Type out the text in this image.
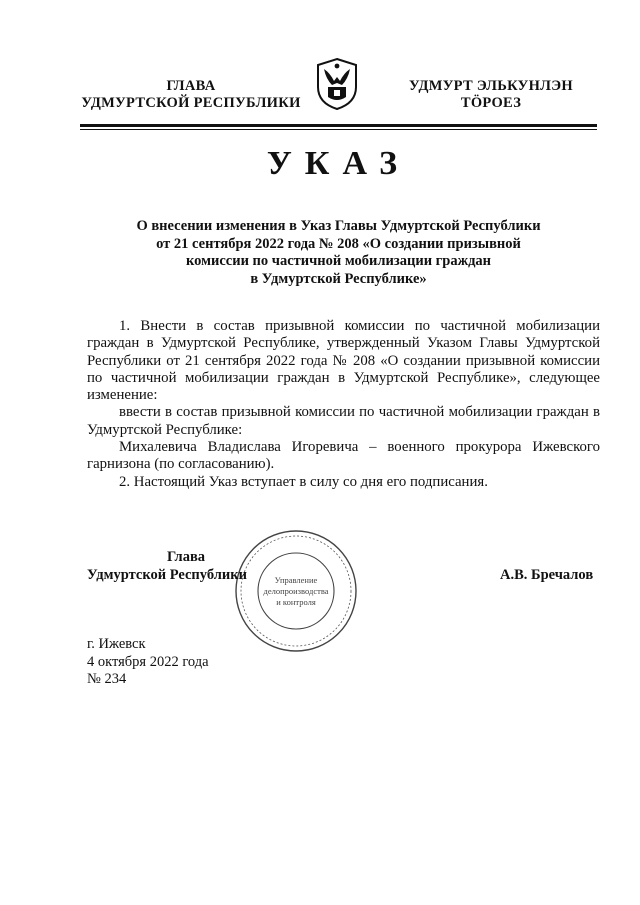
ГЛАВА
УДМУРТСКОЙ РЕСПУБЛИКИ
УДМУРТ ЭЛЬКУНЛЭН
ТӦРОЕЗ
УКАЗ
О внесении изменения в Указ Главы Удмуртской Республики
от 21 сентября 2022 года № 208 «О создании призывной
комиссии по частичной мобилизации граждан
в Удмуртской Республике»

1. Внести в состав призывной комиссии по частичной мобилизации граждан в Удмуртской Республике, утвержденный Указом Главы Удмуртской Республики от 21 сентября 2022 года № 208 «О создании призывной комиссии по частичной мобилизации граждан в Удмуртской Республике», следующее изменение:

ввести в состав призывной комиссии по частичной мобилизации граждан в Удмуртской Республике:

Михалевича Владислава Игоревича – военного прокурора Ижевского гарнизона (по согласованию).

2. Настоящий Указ вступает в силу со дня его подписания.

Управление
делопроизводства
и контроля
Глава
Удмуртской Республики	А.В. Бречалов
г. Ижевск
4 октября 2022 года
№ 234
